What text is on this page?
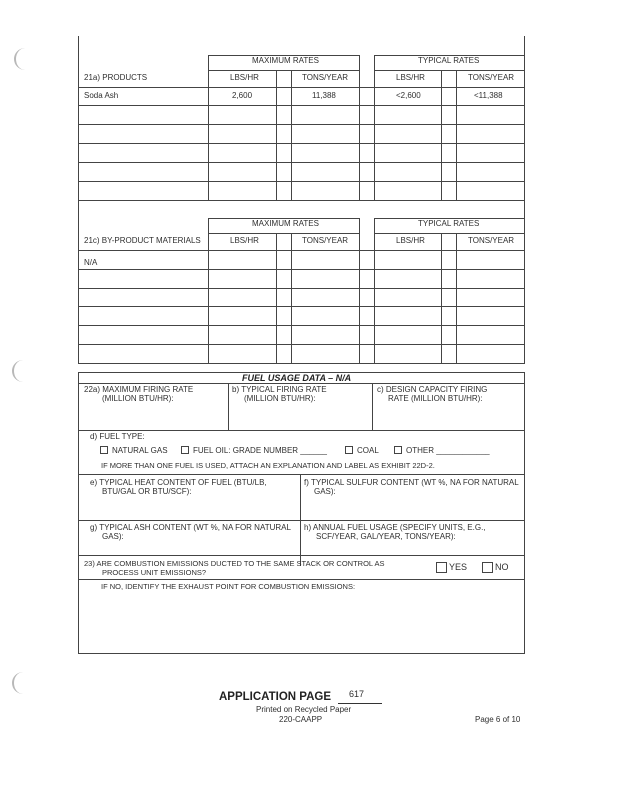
MAXIMUM RATES	TYPICAL RATES
21a) PRODUCTS	LBS/HR	TONS/YEAR	LBS/HR	TONS/YEAR
Soda Ash	2,600	11,388	<2,600	<11,388
MAXIMUM RATES	TYPICAL RATES
21c) BY-PRODUCT MATERIALS	LBS/HR	TONS/YEAR	LBS/HR	TONS/YEAR
N/A
FUEL USAGE DATA – N/A
22a) MAXIMUM FIRING RATE
(MILLION BTU/HR):
b) TYPICAL FIRING RATE
(MILLION BTU/HR):
c) DESIGN CAPACITY FIRING
RATE (MILLION BTU/HR):
d) FUEL TYPE:
NATURAL GAS	FUEL OIL: GRADE NUMBER ______	COAL	OTHER ____________
IF MORE THAN ONE FUEL IS USED, ATTACH AN EXPLANATION AND LABEL AS EXHIBIT 22D-2.
e) TYPICAL HEAT CONTENT OF FUEL (BTU/LB,
BTU/GAL OR BTU/SCF):
f) TYPICAL SULFUR CONTENT (WT %, NA FOR NATURAL
GAS):
g) TYPICAL ASH CONTENT (WT %, NA FOR NATURAL
GAS):
h) ANNUAL FUEL USAGE (SPECIFY UNITS, E.G.,
SCF/YEAR, GAL/YEAR, TONS/YEAR):
23) ARE COMBUSTION EMISSIONS DUCTED TO THE SAME STACK OR CONTROL AS
PROCESS UNIT EMISSIONS?
YES	NO
IF NO, IDENTIFY THE EXHAUST POINT FOR COMBUSTION EMISSIONS:
APPLICATION PAGE 617
Printed on Recycled Paper
220-CAAPP	Page 6 of 10
